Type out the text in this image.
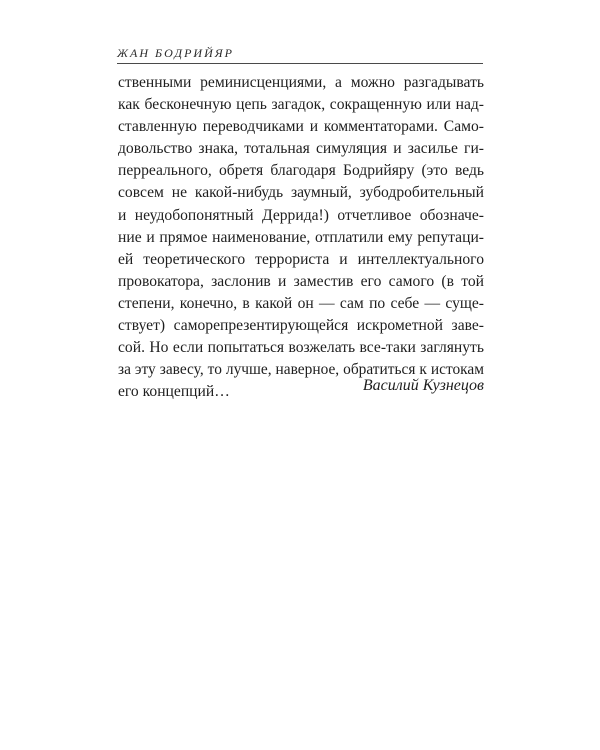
ЖАН БОДРИЙЯР
ственными реминисценциями, а можно разгадывать
как бесконечную цепь загадок, сокращенную или над-
ставленную переводчиками и комментаторами. Само-
довольство знака, тотальная симуляция и засилье ги-
перреального, обретя благодаря Бодрийяру (это ведь
совсем не какой-нибудь заумный, зубодробительный
и неудобопонятный Деррида!) отчетливое обозначе-
ние и прямое наименование, отплатили ему репутаци-
ей теоретического террориста и интеллектуального
провокатора, заслонив и заместив его самого (в той
степени, конечно, в какой он — сам по себе — суще-
ствует) саморепрезентирующейся искрометной заве-
сой. Но если попытаться возжелать все-таки заглянуть
за эту завесу, то лучше, наверное, обратиться к истокам
его концепций…	Василий Кузнецов
